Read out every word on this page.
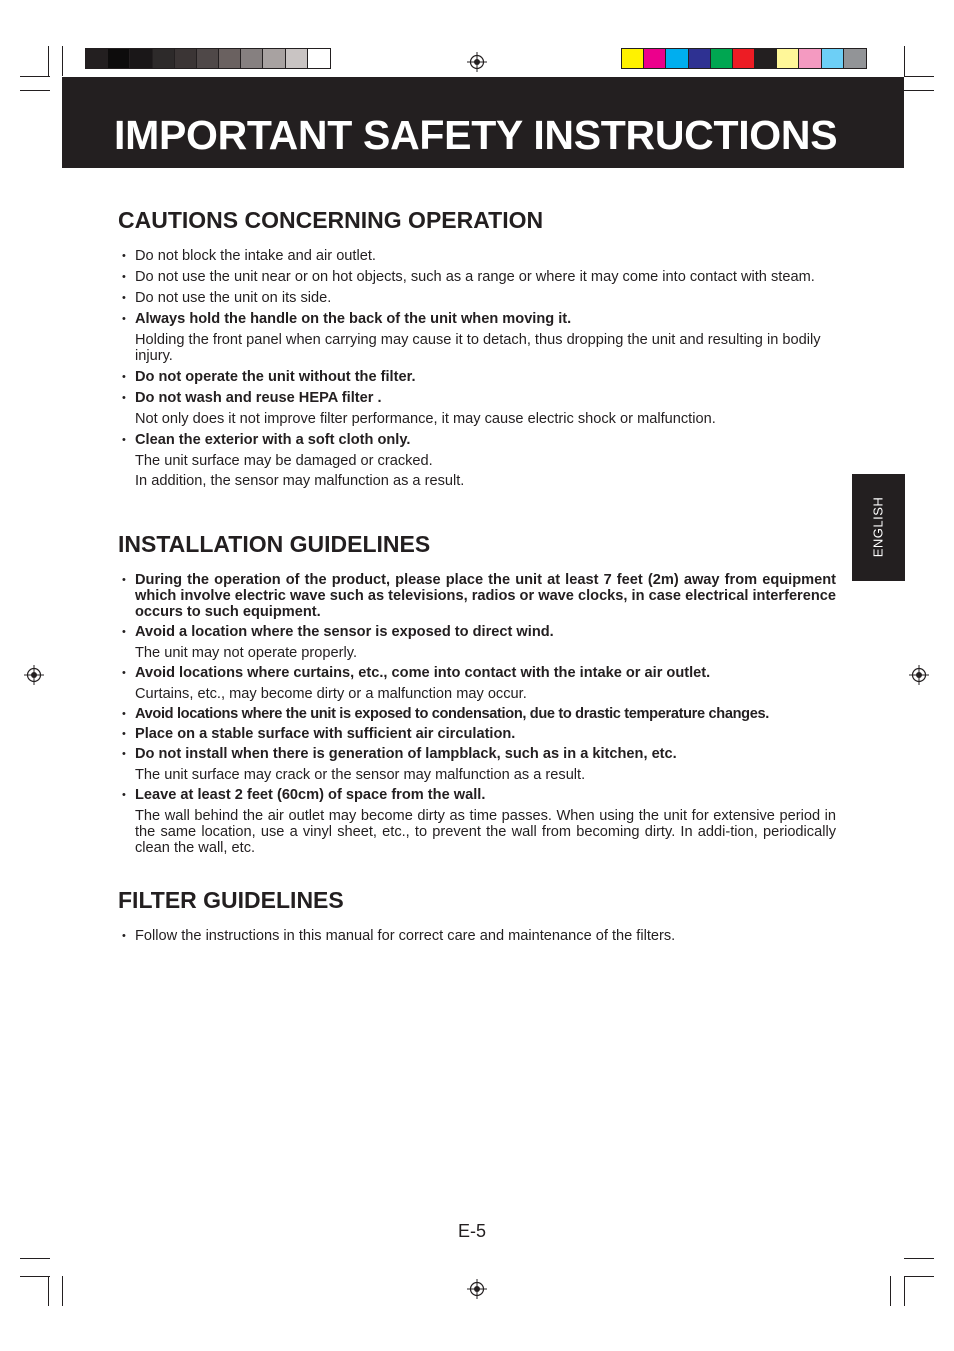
IMPORTANT SAFETY INSTRUCTIONS
ENGLISH
CAUTIONS CONCERNING OPERATION
• Do not block the intake and air outlet.
• Do not use the unit near or on hot objects, such as a range or where it may come into contact with steam.
• Do not use the unit on its side.
• Always hold the handle on the back of the unit when moving it.
Holding the front panel when carrying may cause it to detach, thus dropping the unit and resulting in bodily injury.
• Do not operate the unit without the filter.
• Do not wash and reuse HEPA filter .
Not only does it not improve filter performance, it may cause electric shock or malfunction.
• Clean the exterior with a soft cloth only.
The unit surface may be damaged or cracked.
In addition, the sensor may malfunction as a result.
INSTALLATION GUIDELINES
• During the operation of the product, please place the unit at least 7 feet (2m) away from equipment which involve electric wave such as televisions, radios or wave clocks, in case electrical interference occurs to such equipment.
• Avoid a location where the sensor is exposed to direct wind.
The unit may not operate properly.
• Avoid locations where curtains, etc., come into contact with the intake or air outlet.
Curtains, etc., may become dirty or a malfunction may occur.
• Avoid locations where the unit is exposed to condensation, due to drastic temperature changes.
• Place on a stable surface with sufficient air circulation.
• Do not install when there is generation of lampblack, such as in a kitchen, etc.
The unit surface may crack or the sensor may malfunction as a result.
• Leave at least 2 feet (60cm) of space from the wall.
The wall behind the air outlet may become dirty as time passes. When using the unit for extensive period in the same location, use a vinyl sheet, etc., to prevent the wall from becoming dirty. In addi-tion, periodically clean the wall, etc.
FILTER GUIDELINES
• Follow the instructions in this manual for correct care and maintenance of the filters.
E-5
